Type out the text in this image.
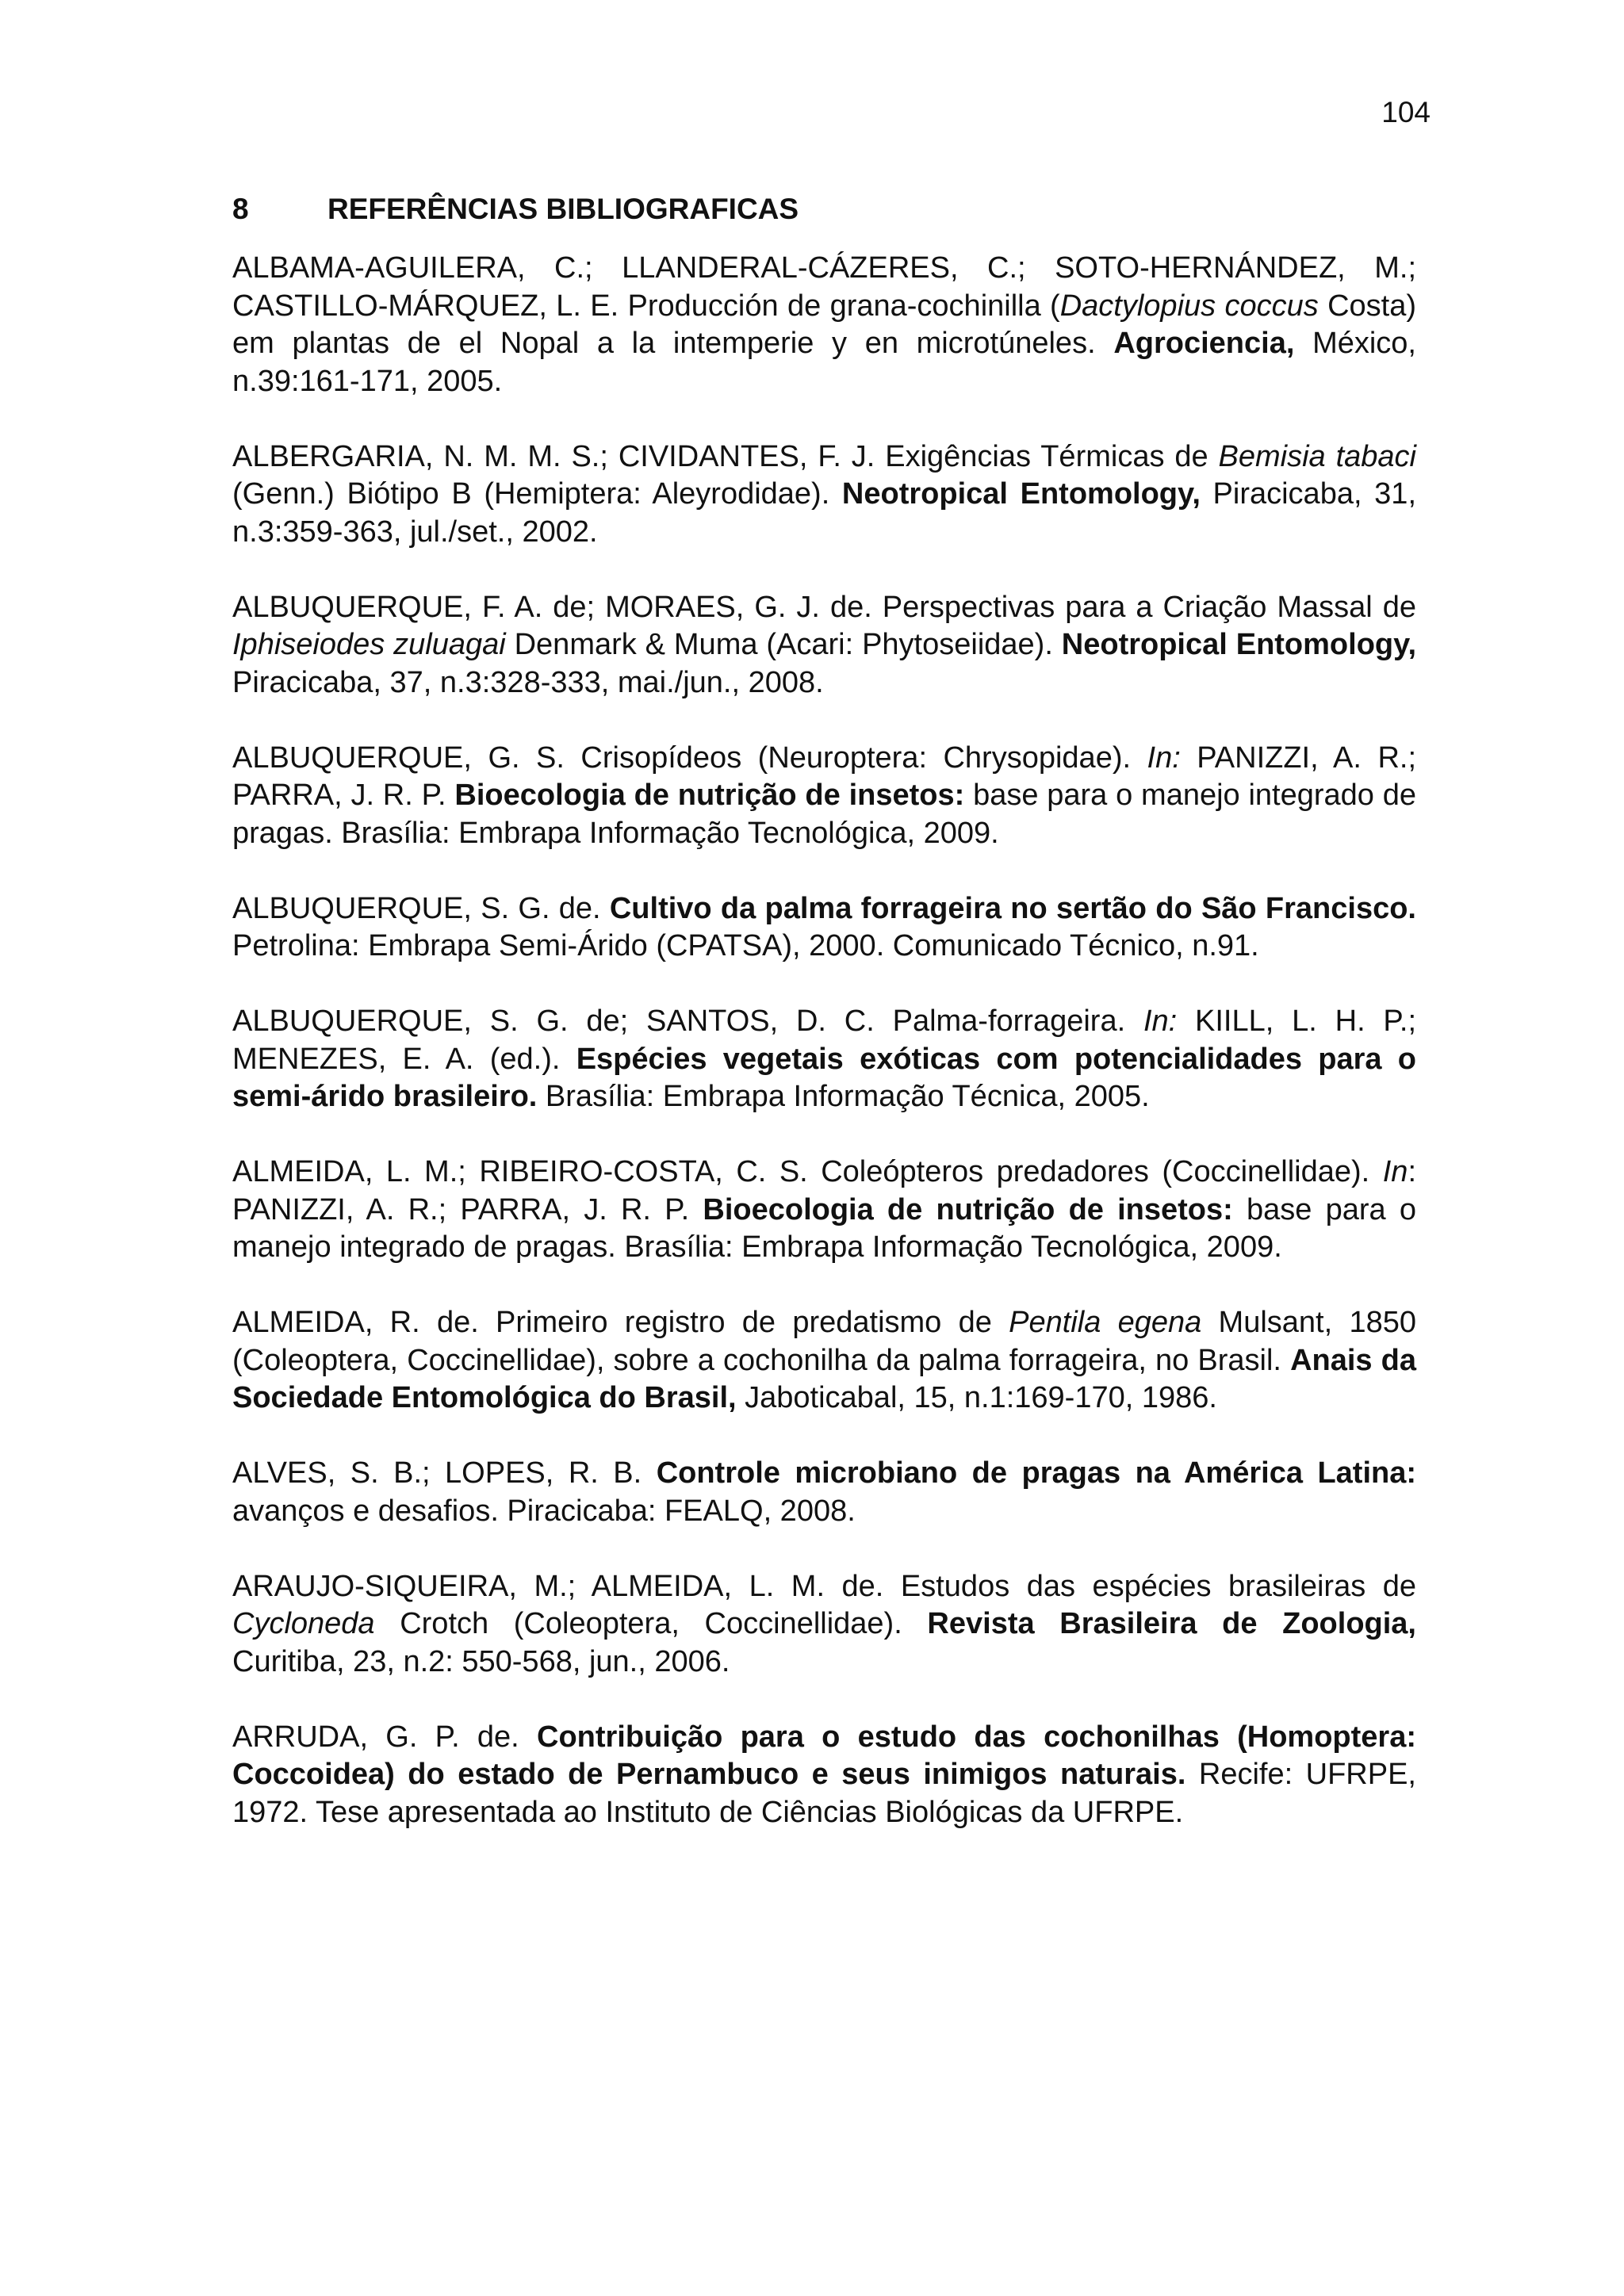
104
8	REFERÊNCIAS BIBLIOGRAFICAS

ALBAMA-AGUILERA, C.; LLANDERAL-CÁZERES, C.; SOTO-HERNÁNDEZ, M.; CASTILLO-MÁRQUEZ, L. E. Producción de grana-cochinilla (Dactylopius coccus Costa) em plantas de el Nopal a la intemperie y en microtúneles. Agrociencia, México, n.39:161-171, 2005.

ALBERGARIA, N. M. M. S.; CIVIDANTES, F. J. Exigências Térmicas de Bemisia tabaci (Genn.) Biótipo B (Hemiptera: Aleyrodidae). Neotropical Entomology, Piracicaba, 31, n.3:359-363, jul./set., 2002.

ALBUQUERQUE, F. A. de; MORAES, G. J. de. Perspectivas para a Criação Massal de Iphiseiodes zuluagai Denmark & Muma (Acari: Phytoseiidae). Neotropical Entomology, Piracicaba, 37, n.3:328-333, mai./jun., 2008.

ALBUQUERQUE, G. S. Crisopídeos (Neuroptera: Chrysopidae). In: PANIZZI, A. R.; PARRA, J. R. P. Bioecologia de nutrição de insetos: base para o manejo integrado de pragas. Brasília: Embrapa Informação Tecnológica, 2009.

ALBUQUERQUE, S. G. de. Cultivo da palma forrageira no sertão do São Francisco. Petrolina: Embrapa Semi-Árido (CPATSA), 2000. Comunicado Técnico, n.91.

ALBUQUERQUE, S. G. de; SANTOS, D. C. Palma-forrageira. In: KIILL, L. H. P.; MENEZES, E. A. (ed.). Espécies vegetais exóticas com potencialidades para o semi-árido brasileiro. Brasília: Embrapa Informação Técnica, 2005.

ALMEIDA, L. M.; RIBEIRO-COSTA, C. S. Coleópteros predadores (Coccinellidae). In: PANIZZI, A. R.; PARRA, J. R. P. Bioecologia de nutrição de insetos: base para o manejo integrado de pragas. Brasília: Embrapa Informação Tecnológica, 2009.

ALMEIDA, R. de. Primeiro registro de predatismo de Pentila egena Mulsant, 1850 (Coleoptera, Coccinellidae), sobre a cochonilha da palma forrageira, no Brasil. Anais da Sociedade Entomológica do Brasil, Jaboticabal, 15, n.1:169-170, 1986.

ALVES, S. B.; LOPES, R. B. Controle microbiano de pragas na América Latina: avanços e desafios. Piracicaba: FEALQ, 2008.

ARAUJO-SIQUEIRA, M.; ALMEIDA, L. M. de. Estudos das espécies brasileiras de Cycloneda Crotch (Coleoptera, Coccinellidae). Revista Brasileira de Zoologia, Curitiba, 23, n.2: 550-568, jun., 2006.

ARRUDA, G. P. de. Contribuição para o estudo das cochonilhas (Homoptera: Coccoidea) do estado de Pernambuco e seus inimigos naturais. Recife: UFRPE, 1972. Tese apresentada ao Instituto de Ciências Biológicas da UFRPE.
